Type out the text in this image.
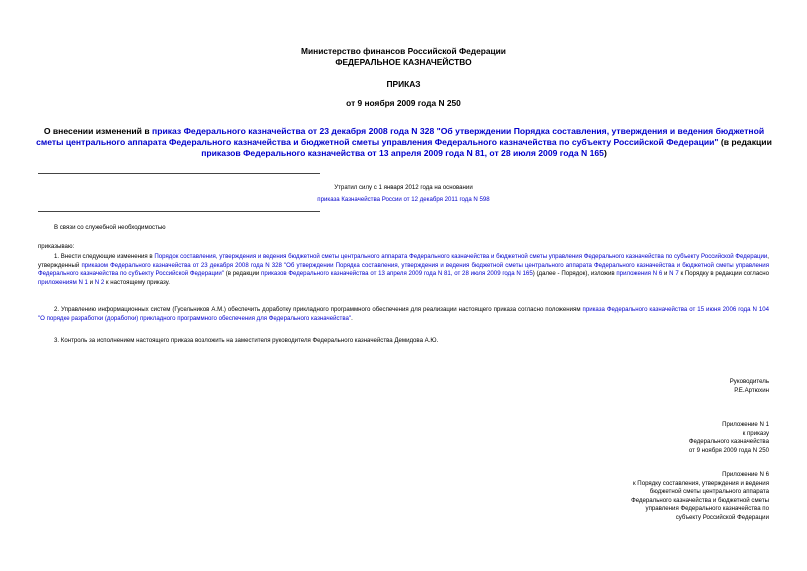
Министерство финансов Российской Федерации
ФЕДЕРАЛЬНОЕ КАЗНАЧЕЙСТВО
ПРИКАЗ
от 9 ноября 2009 года N 250
О внесении изменений в приказ Федерального казначейства от 23 декабря 2008 года N 328 "Об утверждении Порядка составления, утверждения и ведения бюджетной сметы центрального аппарата Федерального казначейства и бюджетной сметы управления Федерального казначейства по субъекту Российской Федерации" (в редакции приказов Федерального казначейства от 13 апреля 2009 года N 81, от 28 июля 2009 года N 165)
Утратил силу с 1 января 2012 года на основании
приказа Казначейства России от 12 декабря 2011 года N 598
В связи со служебной необходимостью
приказываю:
1. Внести следующие изменения в Порядок составления, утверждения и ведения бюджетной сметы центрального аппарата Федерального казначейства и бюджетной сметы управления Федерального казначейства по субъекту Российской Федерации, утвержденный приказом Федерального казначейства от 23 декабря 2008 года N 328 "Об утверждении Порядка составления, утверждения и ведения бюджетной сметы центрального аппарата Федерального казначейства и бюджетной сметы управления Федерального казначейства по субъекту Российской Федерации" (в редакции приказов Федерального казначейства от 13 апреля 2009 года N 81, от 28 июля 2009 года N 165) (далее - Порядок), изложив приложения N 6 и N 7 к Порядку в редакции согласно приложениям N 1 и N 2 к настоящему приказу.
2. Управлению информационных систем (Гусельников А.М.) обеспечить доработку прикладного программного обеспечения для реализации настоящего приказа согласно положениям приказа Федерального казначейства от 15 июня 2006 года N 104 "О порядке разработки (доработки) прикладного программного обеспечения для Федерального казначейства".
3. Контроль за исполнением настоящего приказа возложить на заместителя руководителя Федерального казначейства Демидова А.Ю.
Руководитель
Р.Е.Артюхин
Приложение N 1
к приказу
Федерального казначейства
от 9 ноября 2009 года N 250
Приложение N 6
к Порядку составления, утверждения и ведения
бюджетной сметы центрального аппарата
Федерального казначейства и бюджетной сметы
управления Федерального казначейства по
субъекту Российской Федерации
